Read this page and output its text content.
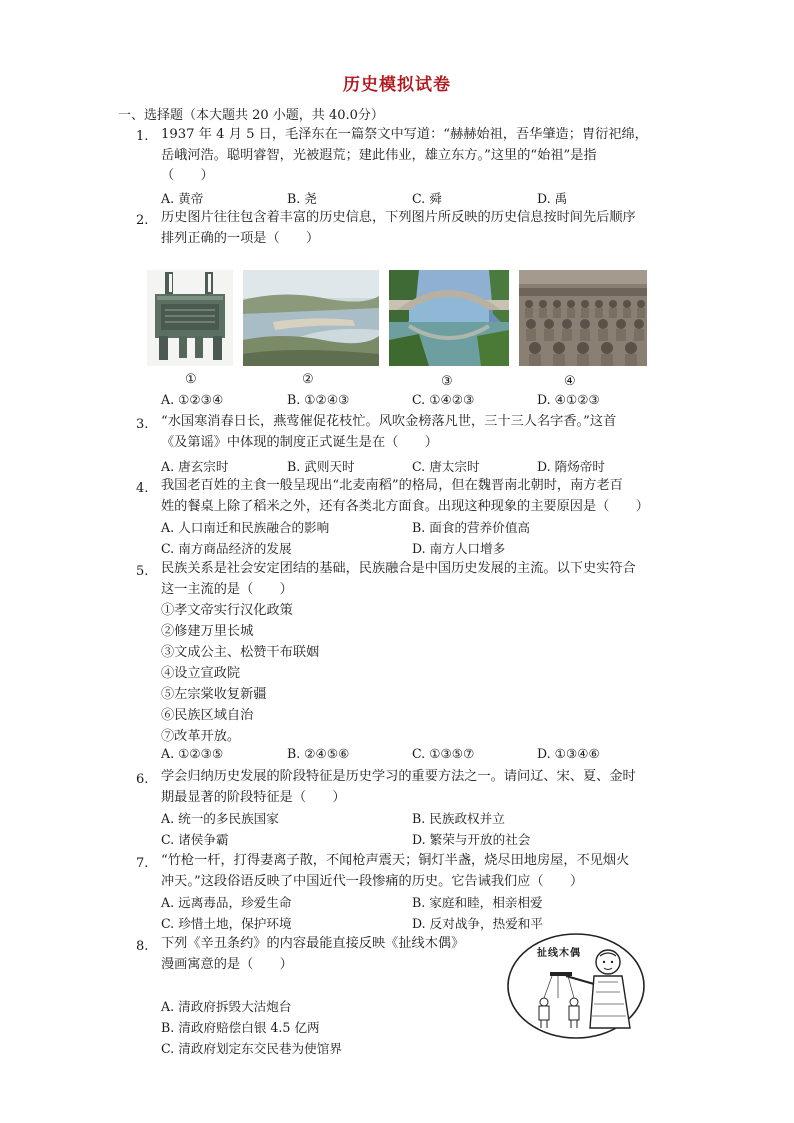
历史模拟试卷
一、选择题（本大题共 20 小题，共 40.0分）
1. 1937 年 4 月 5 日，毛泽东在一篇祭文中写道：“赫赫始祖，吾华肇造；胄衍祀绵，
岳峨河浩。聪明睿智，光被遐荒；建此伟业，雄立东方。”这里的“始祖”是指
（　　）
A. 黄帝	B. 尧	C. 舜	D. 禹
2. 历史图片往往包含着丰富的历史信息，下列图片所反映的历史信息按时间先后顺序
排列正确的一项是（　　）
①	②	③	④
A. ①②③④	B. ①②④③	C. ①④②③	D. ④①②③
3. “水国寒消春日长，燕莺催促花枝忙。风吹金榜落凡世，三十三人名字香。”这首
《及第谣》中体现的制度正式诞生是在（　　）
A. 唐玄宗时	B. 武则天时	C. 唐太宗时	D. 隋炀帝时
4. 我国老百姓的主食一般呈现出“北麦南稻”的格局，但在魏晋南北朝时，南方老百
姓的餐桌上除了稻米之外，还有各类北方面食。出现这种现象的主要原因是（　　）
A. 人口南迁和民族融合的影响	B. 面食的营养价值高
C. 南方商品经济的发展	D. 南方人口增多
5. 民族关系是社会安定团结的基础，民族融合是中国历史发展的主流。以下史实符合
这一主流的是（　　）
①孝文帝实行汉化政策
②修建万里长城
③文成公主、松赞干布联姻
④设立宣政院
⑤左宗棠收复新疆
⑥民族区域自治
⑦改革开放。
A. ①②③⑤	B. ②④⑤⑥	C. ①③⑤⑦	D. ①③④⑥
6. 学会归纳历史发展的阶段特征是历史学习的重要方法之一。请问辽、宋、夏、金时
期最显著的阶段特征是（　　）
A. 统一的多民族国家	B. 民族政权并立
C. 诸侯争霸	D. 繁荣与开放的社会
7. “竹枪一杆，打得妻离子散，不闻枪声震天；铜灯半盏，烧尽田地房屋，不见烟火
冲天。”这段俗语反映了中国近代一段惨痛的历史。它告诫我们应（　　）
A. 远离毒品，珍爱生命	B. 家庭和睦，相亲相爱
C. 珍惜土地，保护环境	D. 反对战争，热爱和平
8. 下列《辛丑条约》的内容最能直接反映《扯线木偶》
漫画寓意的是（　　）
扯线木偶
A. 清政府拆毁大沽炮台
B. 清政府赔偿白银 4.5 亿两
C. 清政府划定东交民巷为使馆界
